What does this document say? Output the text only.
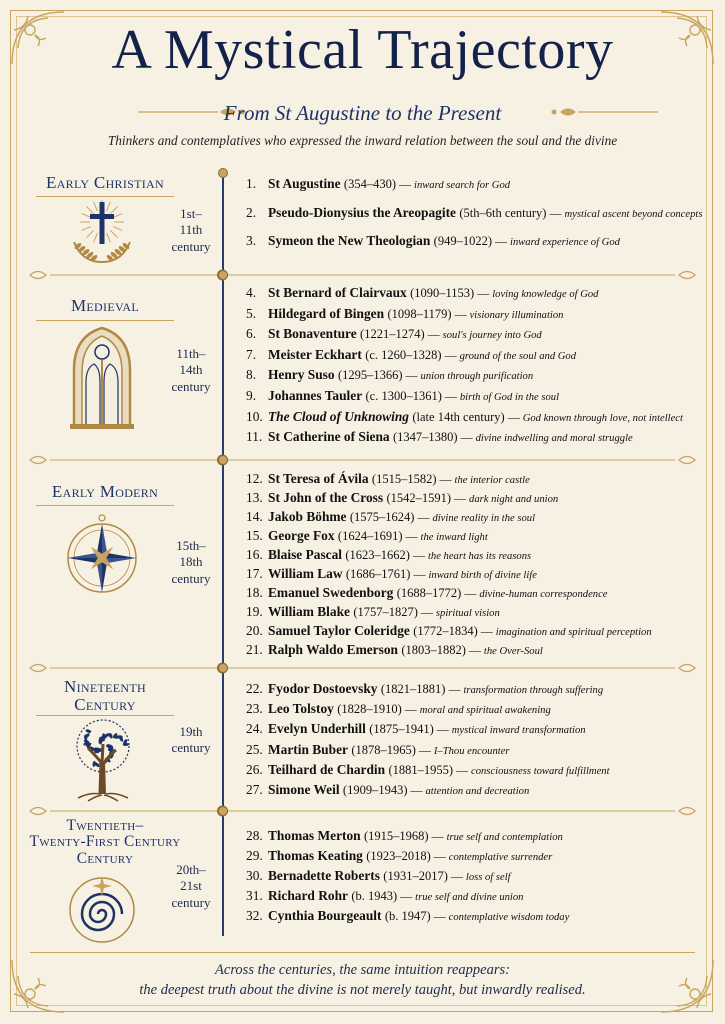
A Mystical Trajectory
From St Augustine to the Present
Thinkers and contemplatives who expressed the inward relation between the soul and the divine
Early Christian
1st–
11th
century
1. St Augustine (354–430) — inward search for God
2. Pseudo-Dionysius the Areopagite (5th–6th century) — mystical ascent beyond concepts
3. Symeon the New Theologian (949–1022) — inward experience of God
Medieval
11th–
14th
century
4. St Bernard of Clairvaux (1090–1153) — loving knowledge of God
5. Hildegard of Bingen (1098–1179) — visionary illumination
6. St Bonaventure (1221–1274) — soul's journey into God
7. Meister Eckhart (c. 1260–1328) — ground of the soul and God
8. Henry Suso (1295–1366) — union through purification
9. Johannes Tauler (c. 1300–1361) — birth of God in the soul
10. The Cloud of Unknowing (late 14th century) — God known through love, not intellect
11. St Catherine of Siena (1347–1380) — divine indwelling and moral struggle
Early Modern
15th–
18th
century
12. St Teresa of Ávila (1515–1582) — the interior castle
13. St John of the Cross (1542–1591) — dark night and union
14. Jakob Böhme (1575–1624) — divine reality in the soul
15. George Fox (1624–1691) — the inward light
16. Blaise Pascal (1623–1662) — the heart has its reasons
17. William Law (1686–1761) — inward birth of divine life
18. Emanuel Swedenborg (1688–1772) — divine-human correspondence
19. William Blake (1757–1827) — spiritual vision
20. Samuel Taylor Coleridge (1772–1834) — imagination and spiritual perception
21. Ralph Waldo Emerson (1803–1882) — the Over-Soul
Nineteenth
Century
19th
century
22. Fyodor Dostoevsky (1821–1881) — transformation through suffering
23. Leo Tolstoy (1828–1910) — moral and spiritual awakening
24. Evelyn Underhill (1875–1941) — mystical inward transformation
25. Martin Buber (1878–1965) — I–Thou encounter
26. Teilhard de Chardin (1881–1955) — consciousness toward fulfillment
27. Simone Weil (1909–1943) — attention and decreation
Twentieth–
Twenty-First Century
Century
20th–
21st
century
28. Thomas Merton (1915–1968) — true self and contemplation
29. Thomas Keating (1923–2018) — contemplative surrender
30. Bernadette Roberts (1931–2017) — loss of self
31. Richard Rohr (b. 1943) — true self and divine union
32. Cynthia Bourgeault (b. 1947) — contemplative wisdom today
Across the centuries, the same intuition reappears:
the deepest truth about the divine is not merely taught, but inwardly realised.
